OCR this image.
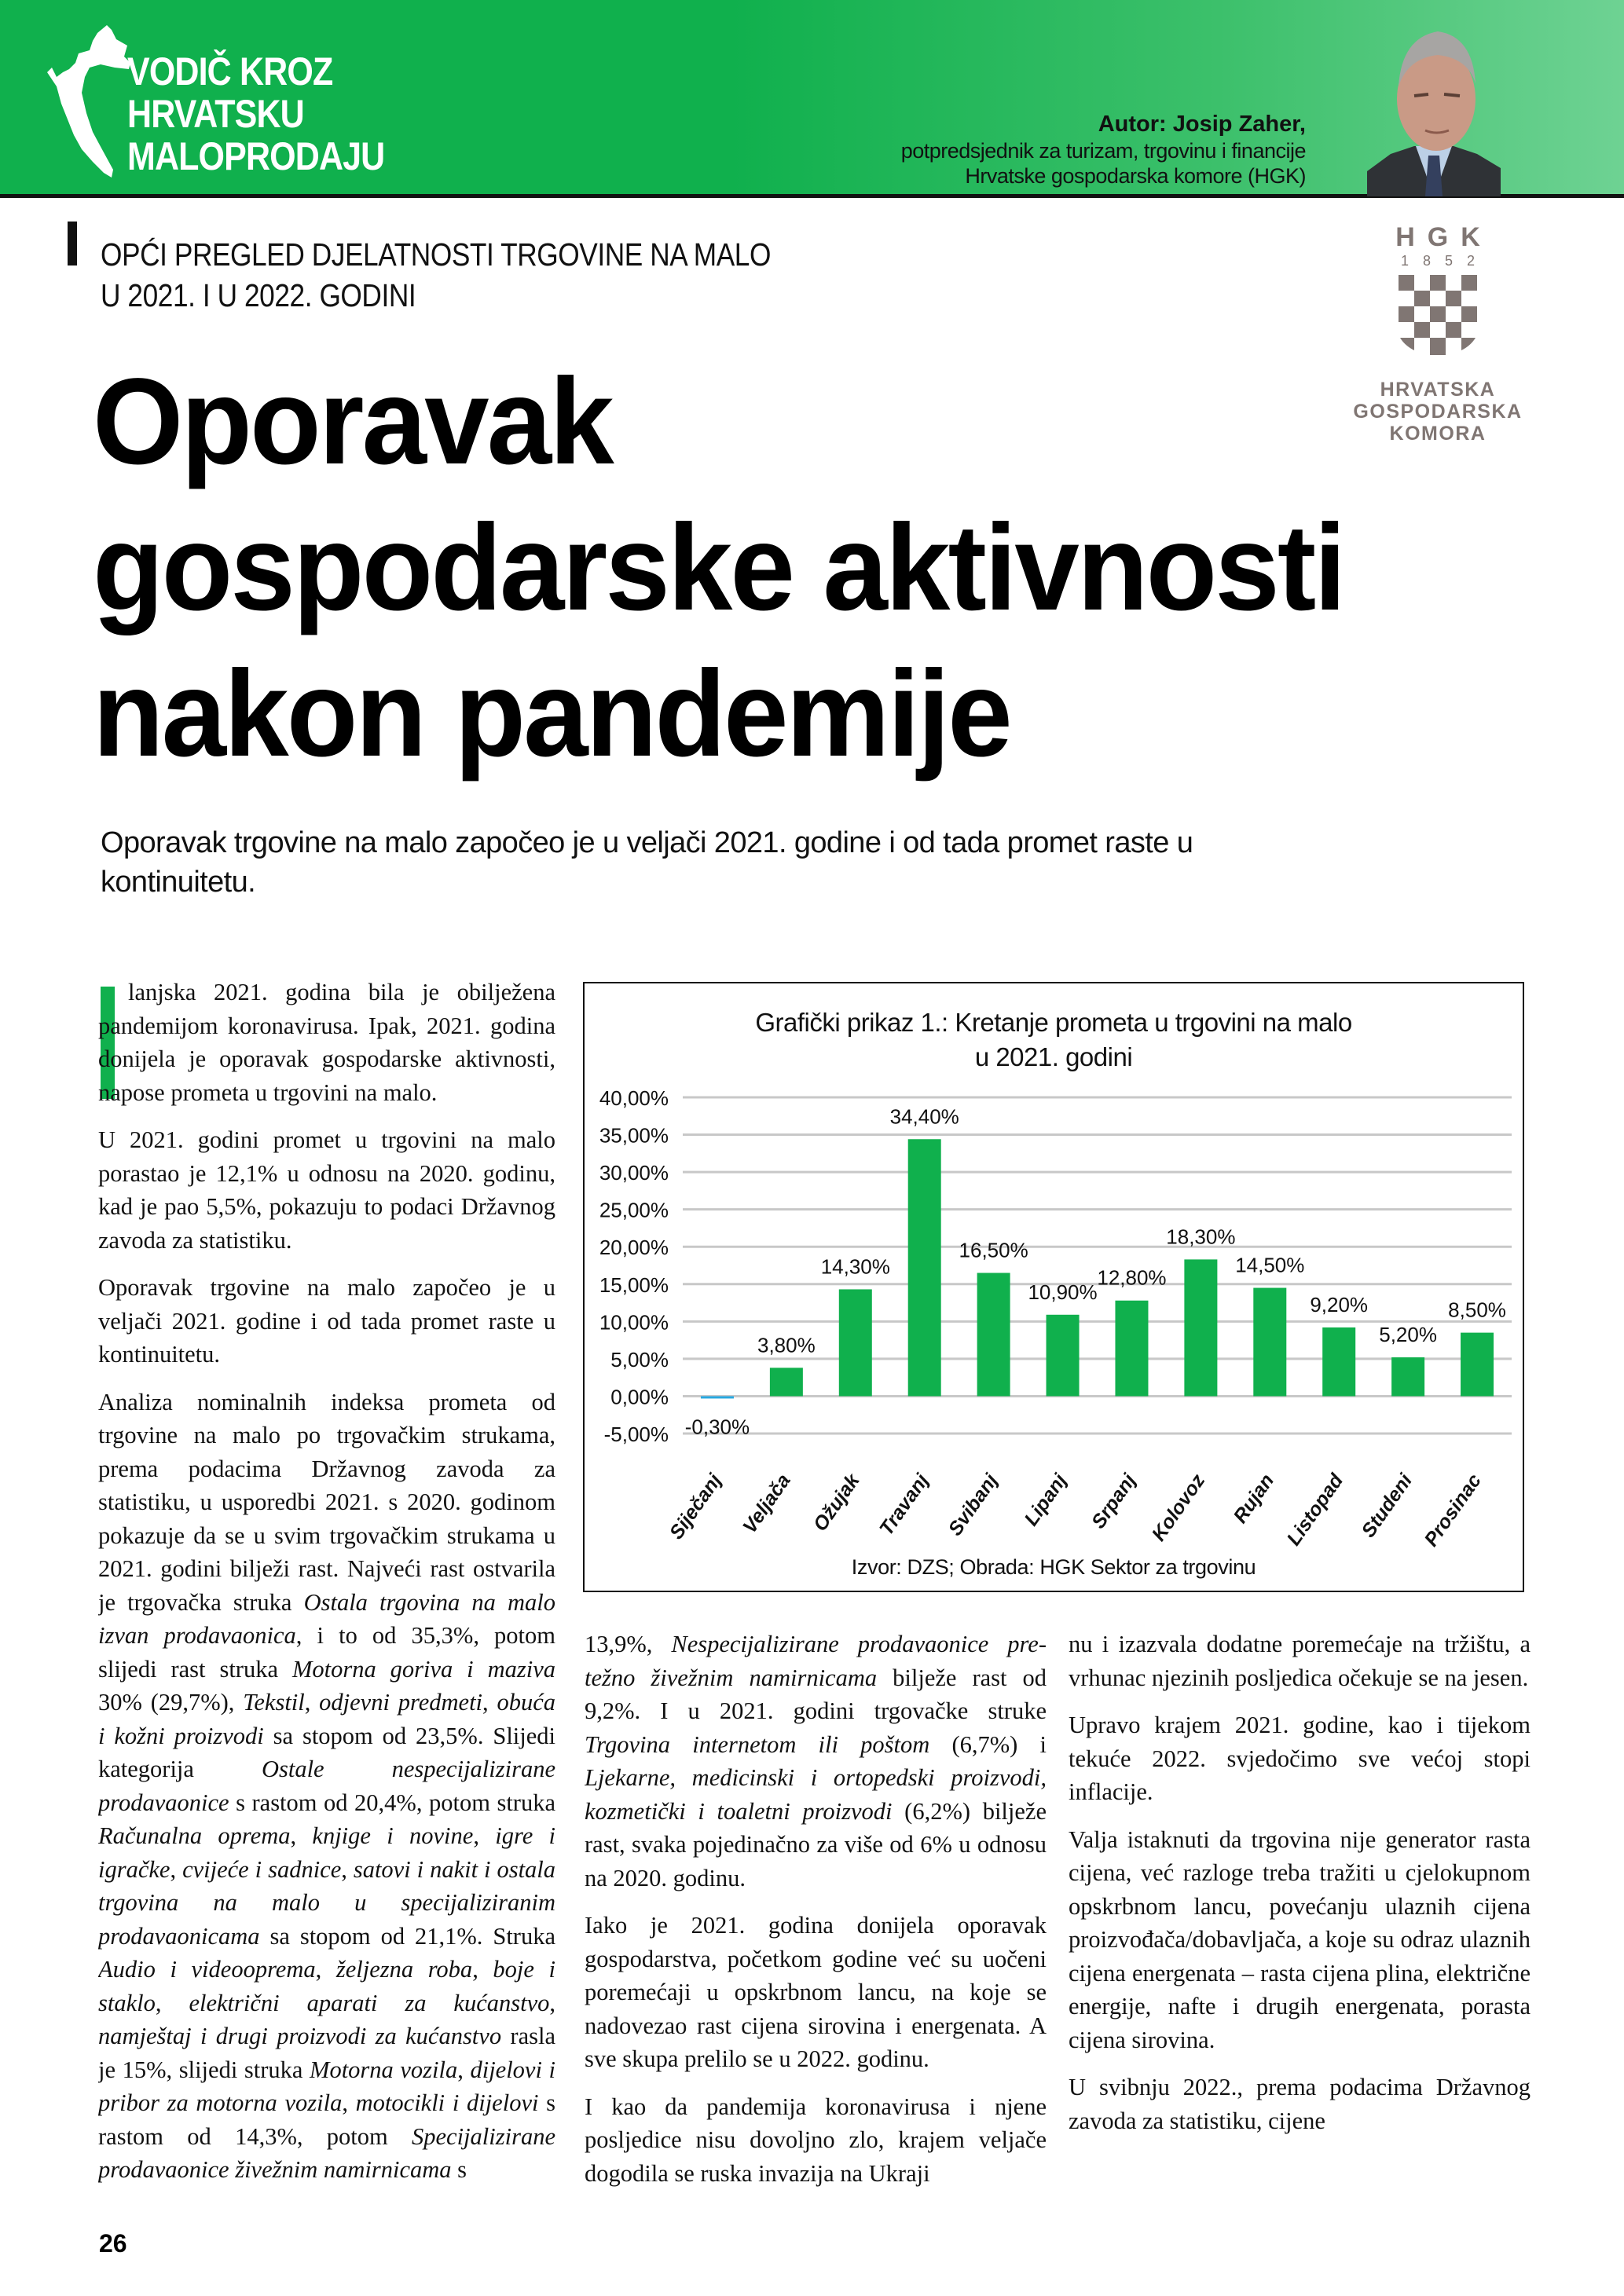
VODIČ KROZ
HRVATSKU
MALOPRODAJU
Autor: Josip Zaher,
potpredsjednik za turizam, trgovinu i financije
Hrvatske gospodarska komore (HGK)
OPĆI PREGLED DJELATNOSTI TRGOVINE NA MALO
U 2021. I U 2022. GODINI
HGK
1852
HRVATSKA
GOSPODARSKA
KOMORA
Oporavak
gospodarske aktivnosti
nakon pandemije

Oporavak trgovine na malo započeo je u veljači 2021. godine i od tada promet raste u kontinuitetu.

lanjska 2021. godina bila je obilježena pandemijom koronavirusa. Ipak, 2021. godina donijela je oporavak gospodarske aktivnosti, napose prometa u trgovini na malo.

U 2021. godini promet u trgovini na malo porastao je 12,1% u odnosu na 2020. godinu, kad je pao 5,5%, pokazuju to podaci Državnog zavoda za statistiku.

Oporavak trgovine na malo započeo je u veljači 2021. godine i od tada promet raste u kontinuitetu.

Analiza nominalnih indeksa prometa od trgovine na malo po trgovačkim strukama, prema podacima Državnog zavoda za statistiku, u usporedbi 2021. s 2020. godinom pokazuje da se u svim trgovačkim strukama u 2021. godini bilježi rast. Najveći rast ostvarila je trgovačka struka Ostala trgovina na malo izvan prodavaonica, i to od 35,3%, potom slijedi rast struka Motorna goriva i maziva 30% (29,7%), Tekstil, odjevni predmeti, obuća i kožni proizvodi sa stopom od 23,5%. Slijedi kategorija Ostale nespecijalizirane prodavaonice s rastom od 20,4%, potom struka Računalna oprema, knjige i novine, igre i igračke, cvijeće i sadnice, satovi i nakit i ostala trgovina na malo u specijaliziranim prodavaonicama sa stopom od 21,1%. Struka Audio i videooprema, željezna roba, boje i staklo, električni aparati za kućanstvo, namještaj i drugi proizvodi za kućanstvo rasla je 15%, slijedi struka Motorna vozila, dijelovi i pribor za motorna vozila, motocikli i dijelovi s rastom od 14,3%, potom Specijalizirane prodavaonice živežnim namirnicama s

Grafički prikaz 1.: Kretanje prometa u trgovini na malo
u 2021. godini
40,00%
35,00%
30,00%
25,00%
20,00%
15,00%
10,00%
5,00%
0,00%
-5,00% -0,30%
Siječanj
3,80%
Veljača
14,30%
Ožujak
34,40%
Travanj
16,50%
Svibanj
10,90%
Lipanj
12,80%
Srpanj
18,30%
Kolovoz
14,50%
Rujan
9,20%
Listopad
5,20%
Studeni
8,50%
Prosinac
Izvor: DZS; Obrada: HGK Sektor za trgovinu

13,9%, Nespecijalizirane prodavaonice pretežno živežnim namirnicama bilježe rast od 9,2%. I u 2021. godini trgovačke struke Trgovina internetom ili poštom (6,7%) i Ljekarne, medicinski i ortopedski proizvodi, kozmetički i toaletni proizvodi (6,2%) bilježe rast, svaka pojedinačno za više od 6% u odnosu na 2020. godinu.

Iako je 2021. godina donijela oporavak gospodarstva, početkom godine već su uočeni poremećaji u opskrbnom lancu, na koje se nadovezao rast cijena sirovina i energenata. A sve skupa prelilo se u 2022. godinu.

I kao da pandemija koronavirusa i njene posljedice nisu dovoljno zlo, krajem veljače dogodila se ruska invazija na Ukraji

nu i izazvala dodatne poremećaje na tržištu, a vrhunac njezinih posljedica očekuje se na jesen.

Upravo krajem 2021. godine, kao i tijekom tekuće 2022. svjedočimo sve većoj stopi inflacije.

Valja istaknuti da trgovina nije generator rasta cijena, već razloge treba tražiti u cjelokupnom opskrbnom lancu, povećanju ulaznih cijena proizvođača/dobavljača, a koje su odraz ulaznih cijena energenata – rasta cijena plina, električne energije, nafte i drugih energenata, porasta cijena sirovina.

U svibnju 2022., prema podacima Državnog zavoda za statistiku, cijene

26
